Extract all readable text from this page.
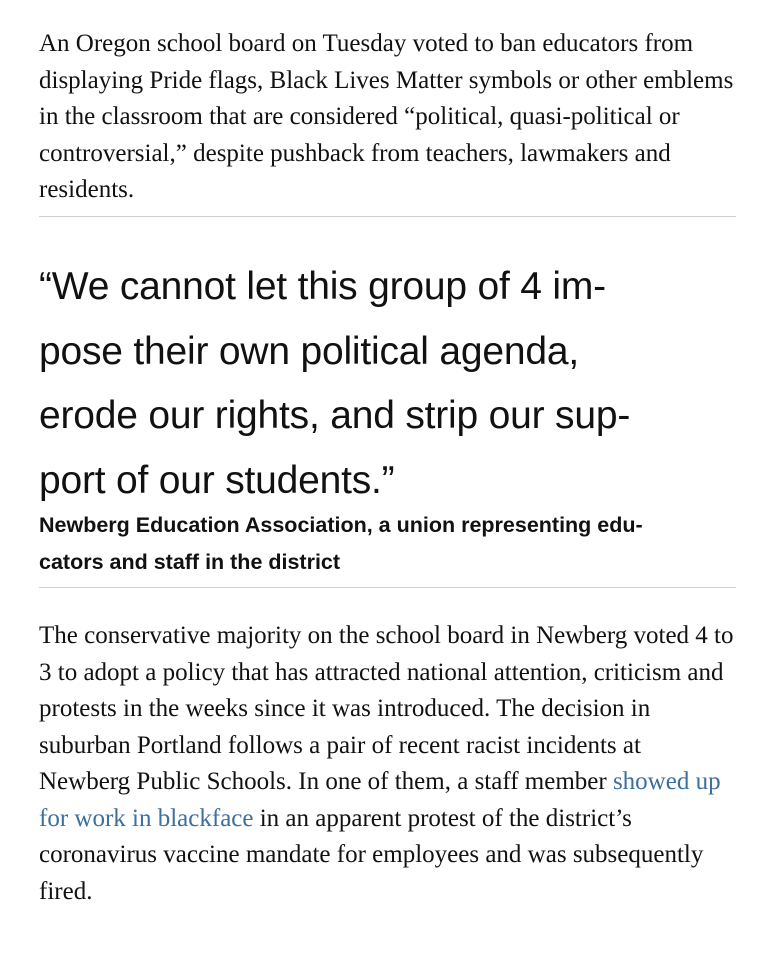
An Oregon school board on Tuesday voted to ban educators from displaying Pride flags, Black Lives Matter symbols or other emblems in the classroom that are considered “political, quasi-political or controversial,” despite pushback from teachers, lawmakers and residents.

“We cannot let this group of 4 im-
pose their own political agenda,
erode our rights, and strip our sup-
port of our students.”

Newberg Education Association, a union representing edu-
cators and staff in the district

The conservative majority on the school board in Newberg voted 4 to 3 to adopt a policy that has attracted national attention, criticism and protests in the weeks since it was introduced. The decision in suburban Portland follows a pair of recent racist incidents at Newberg Public Schools. In one of them, a staff member showed up for work in blackface in an apparent protest of the district’s coronavirus vaccine mandate for employees and was subsequently fired.
